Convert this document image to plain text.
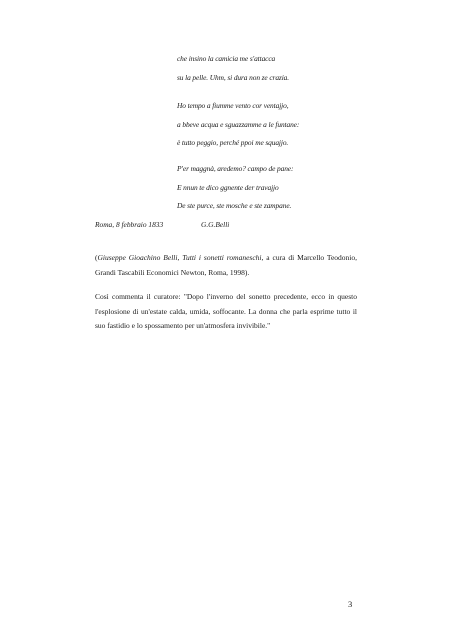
che insino la camicia me s'attacca
su la pelle. Uhm, si dura non ze crazia.
Ho tempo a fiumme vento cor ventajjo,
a bbeve acqua e sguazzamme a le funtane:
è tutto peggio, perché ppoi me squajjo.
P'er maggnà, aredemo? campo de pane:
E nnun te dico ggnente der travajjo
De ste purce, ste mosche e ste zampane.
Roma, 8 febbraio 1833	G.G.Belli
(Giuseppe Gioachino Belli, Tutti i sonetti romaneschi, a cura di Marcello Teodonio, Grandi Tascabili Economici Newton, Roma, 1998).
Così commenta il curatore: "Dopo l'inverno del sonetto precedente, ecco in questo l'esplosione di un'estate calda, umida, soffocante. La donna che parla esprime tutto il suo fastidio e lo spossamento per un'atmosfera invivibile."
3
